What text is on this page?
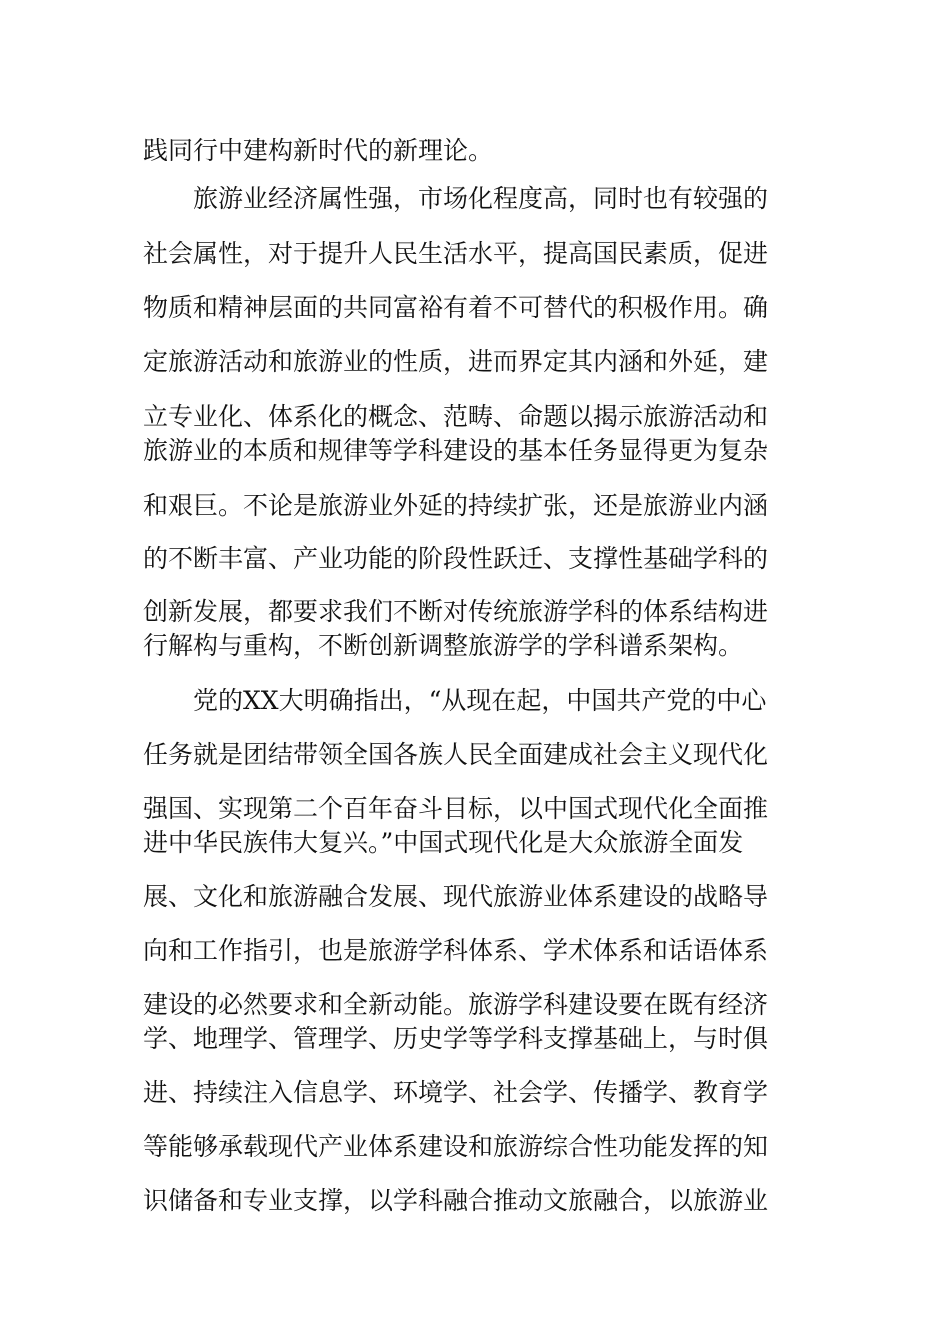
践同行中建构新时代的新理论。
　　旅游业经济属性强，市场化程度高，同时也有较强的
社会属性，对于提升人民生活水平，提高国民素质，促进
物质和精神层面的共同富裕有着不可替代的积极作用。确
定旅游活动和旅游业的性质，进而界定其内涵和外延，建
立专业化、体系化的概念、范畴、命题以揭示旅游活动和
旅游业的本质和规律等学科建设的基本任务显得更为复杂
和艰巨。不论是旅游业外延的持续扩张，还是旅游业内涵
的不断丰富、产业功能的阶段性跃迁、支撑性基础学科的
创新发展，都要求我们不断对传统旅游学科的体系结构进
行解构与重构，不断创新调整旅游学的学科谱系架构。
　　党的XX大明确指出，“从现在起，中国共产党的中心
任务就是团结带领全国各族人民全面建成社会主义现代化
强国、实现第二个百年奋斗目标，以中国式现代化全面推
进中华民族伟大复兴。”中国式现代化是大众旅游全面发
展、文化和旅游融合发展、现代旅游业体系建设的战略导
向和工作指引，也是旅游学科体系、学术体系和话语体系
建设的必然要求和全新动能。旅游学科建设要在既有经济
学、地理学、管理学、历史学等学科支撑基础上，与时俱
进、持续注入信息学、环境学、社会学、传播学、教育学
等能够承载现代产业体系建设和旅游综合性功能发挥的知
识储备和专业支撑，以学科融合推动文旅融合，以旅游业
